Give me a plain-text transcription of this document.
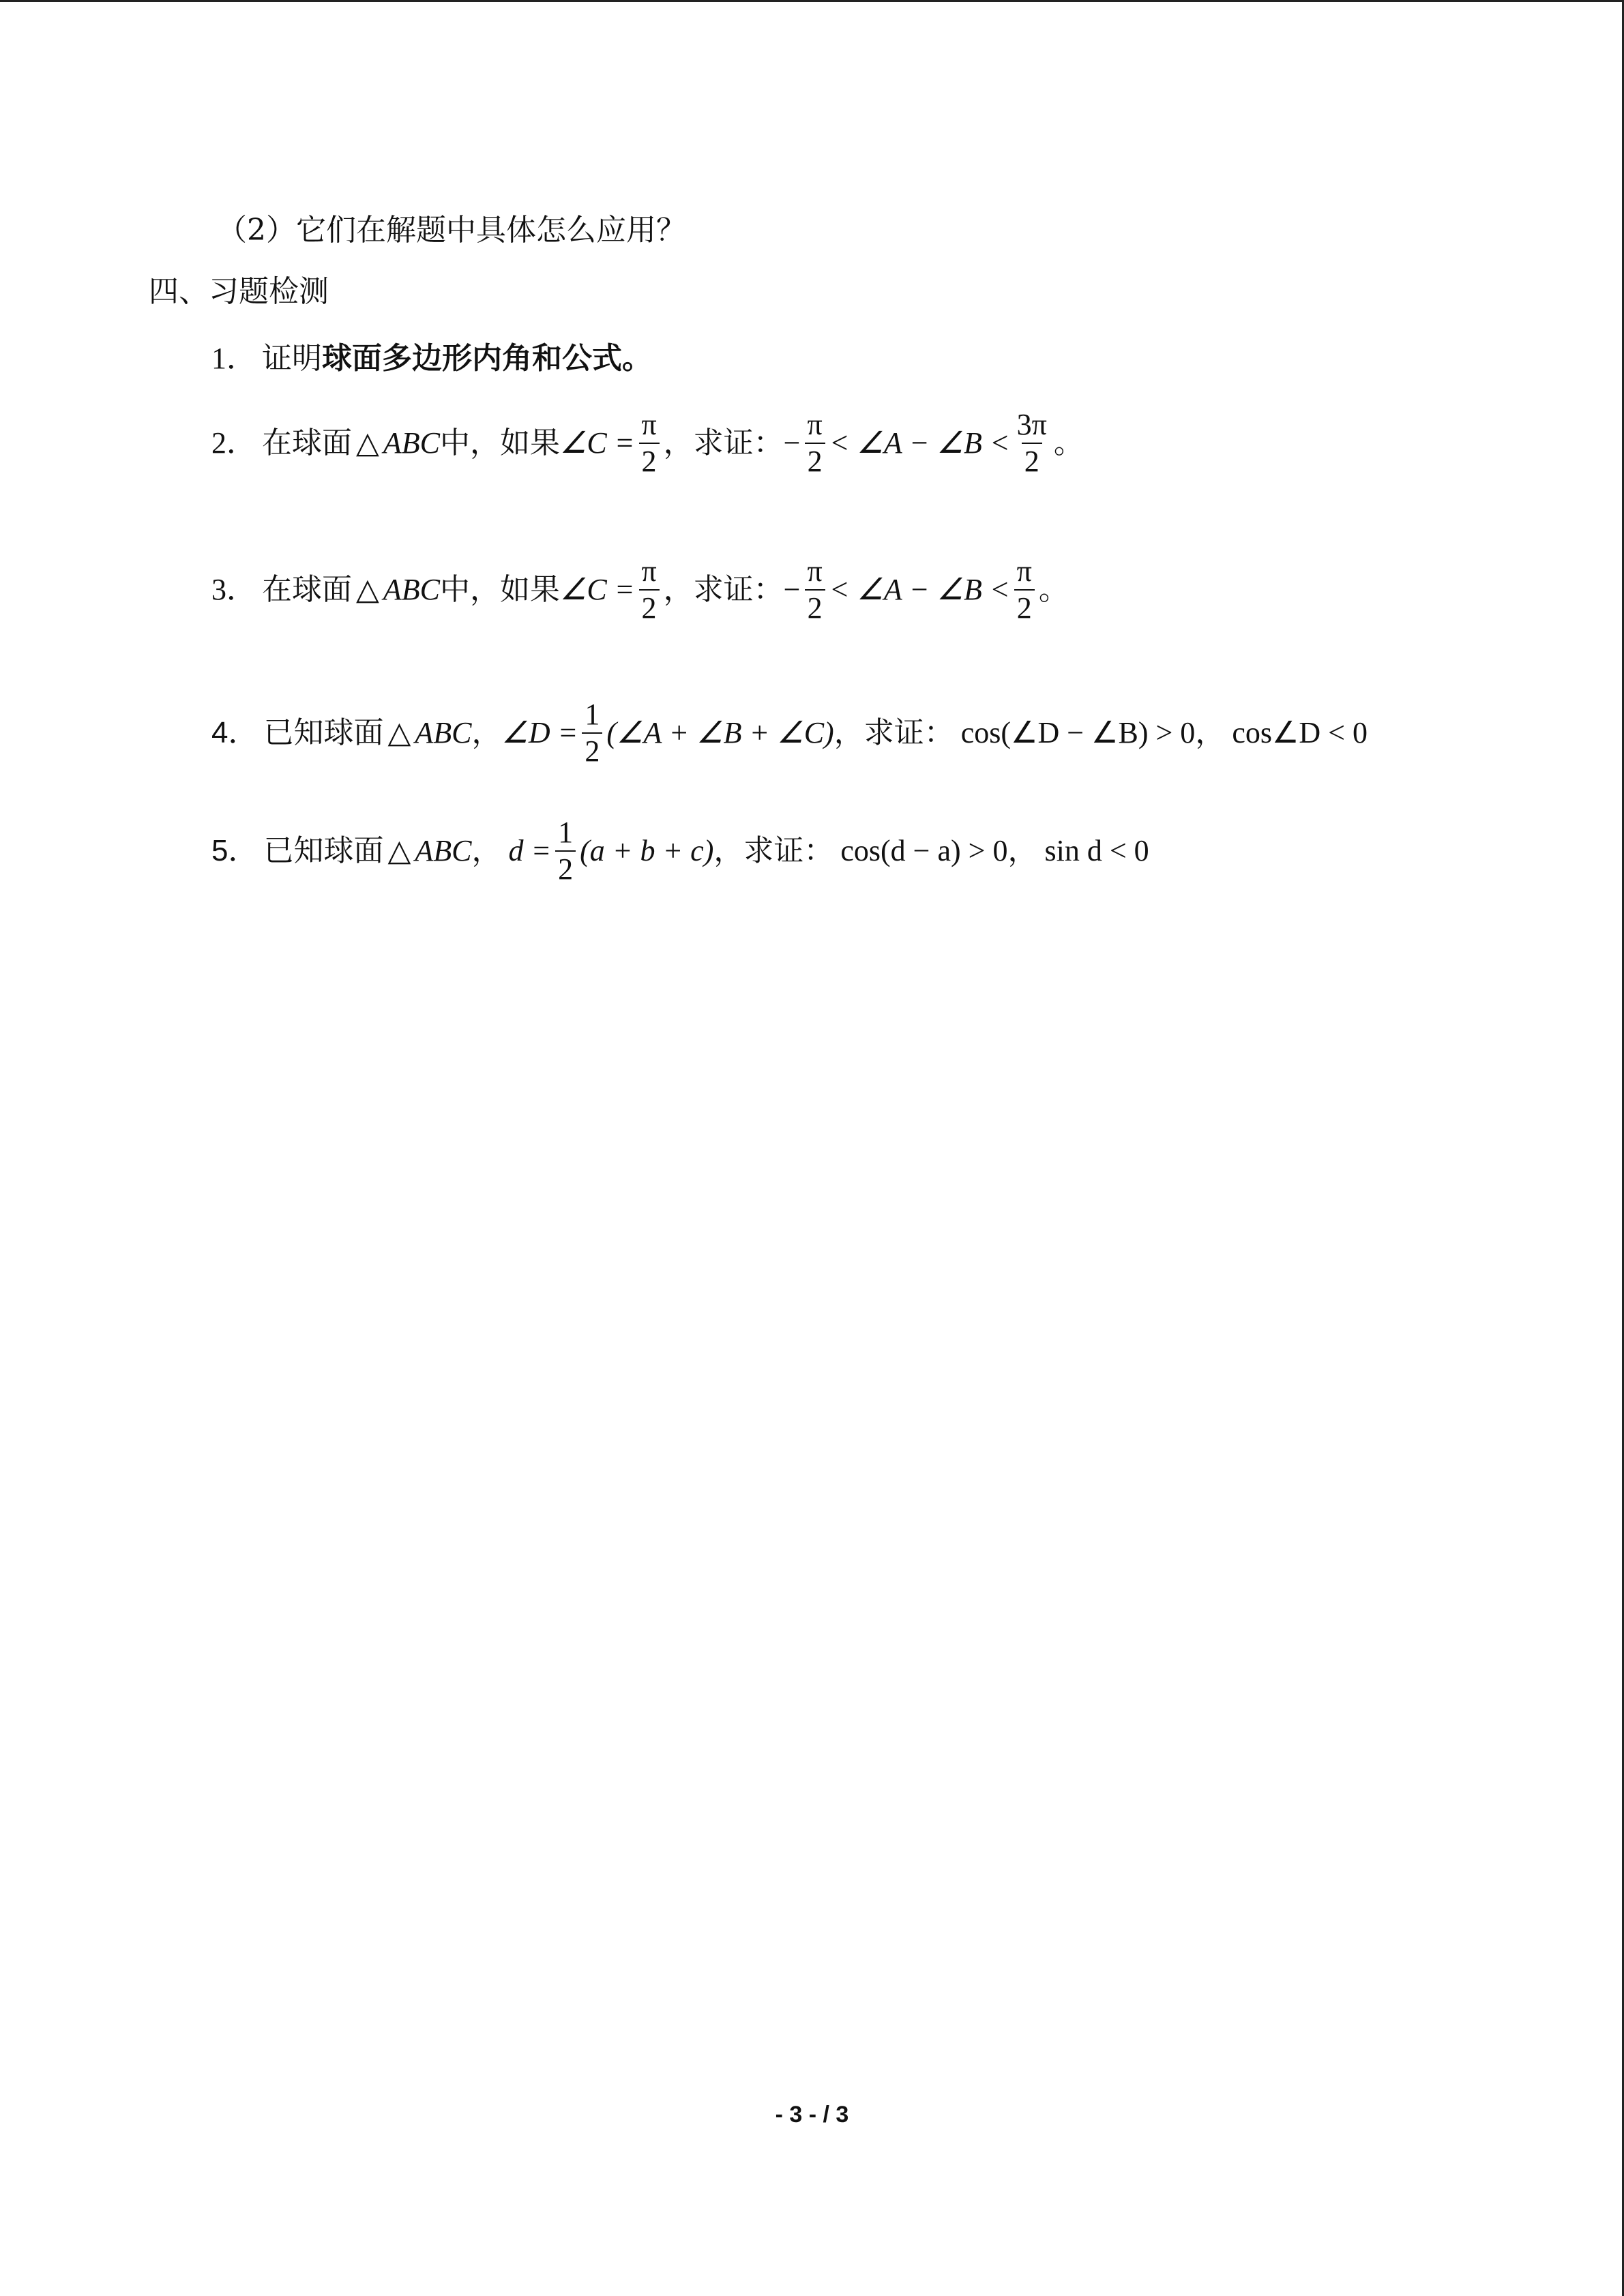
（2）它们在解题中具体怎么应用？
四、习题检测
1． 证明球面多边形内角和公式。
2． 在球面 △ ABC 中，如果 ∠C = $\frac{\pi}{2}$ ，求证： − $\frac{\pi}{2}$ < ∠A − ∠B < $\frac{3\pi}{2}$ 。
3． 在球面 △ ABC 中，如果 ∠C = $\frac{\pi}{2}$ ，求证： − $\frac{\pi}{2}$ < ∠A − ∠B < $\frac{\pi}{2}$ 。
4． 已知球面 △ ABC ， ∠D = $\frac{1}{2}$ (∠A + ∠B + ∠C) ，求证： cos(∠D − ∠B) > 0 ， cos∠D < 0
5． 已知球面 △ ABC ， $d = \frac{1}{2} (a + b + c)$ ，求证： cos(d − a) > 0 ， sin d < 0
- 3 - / 3
